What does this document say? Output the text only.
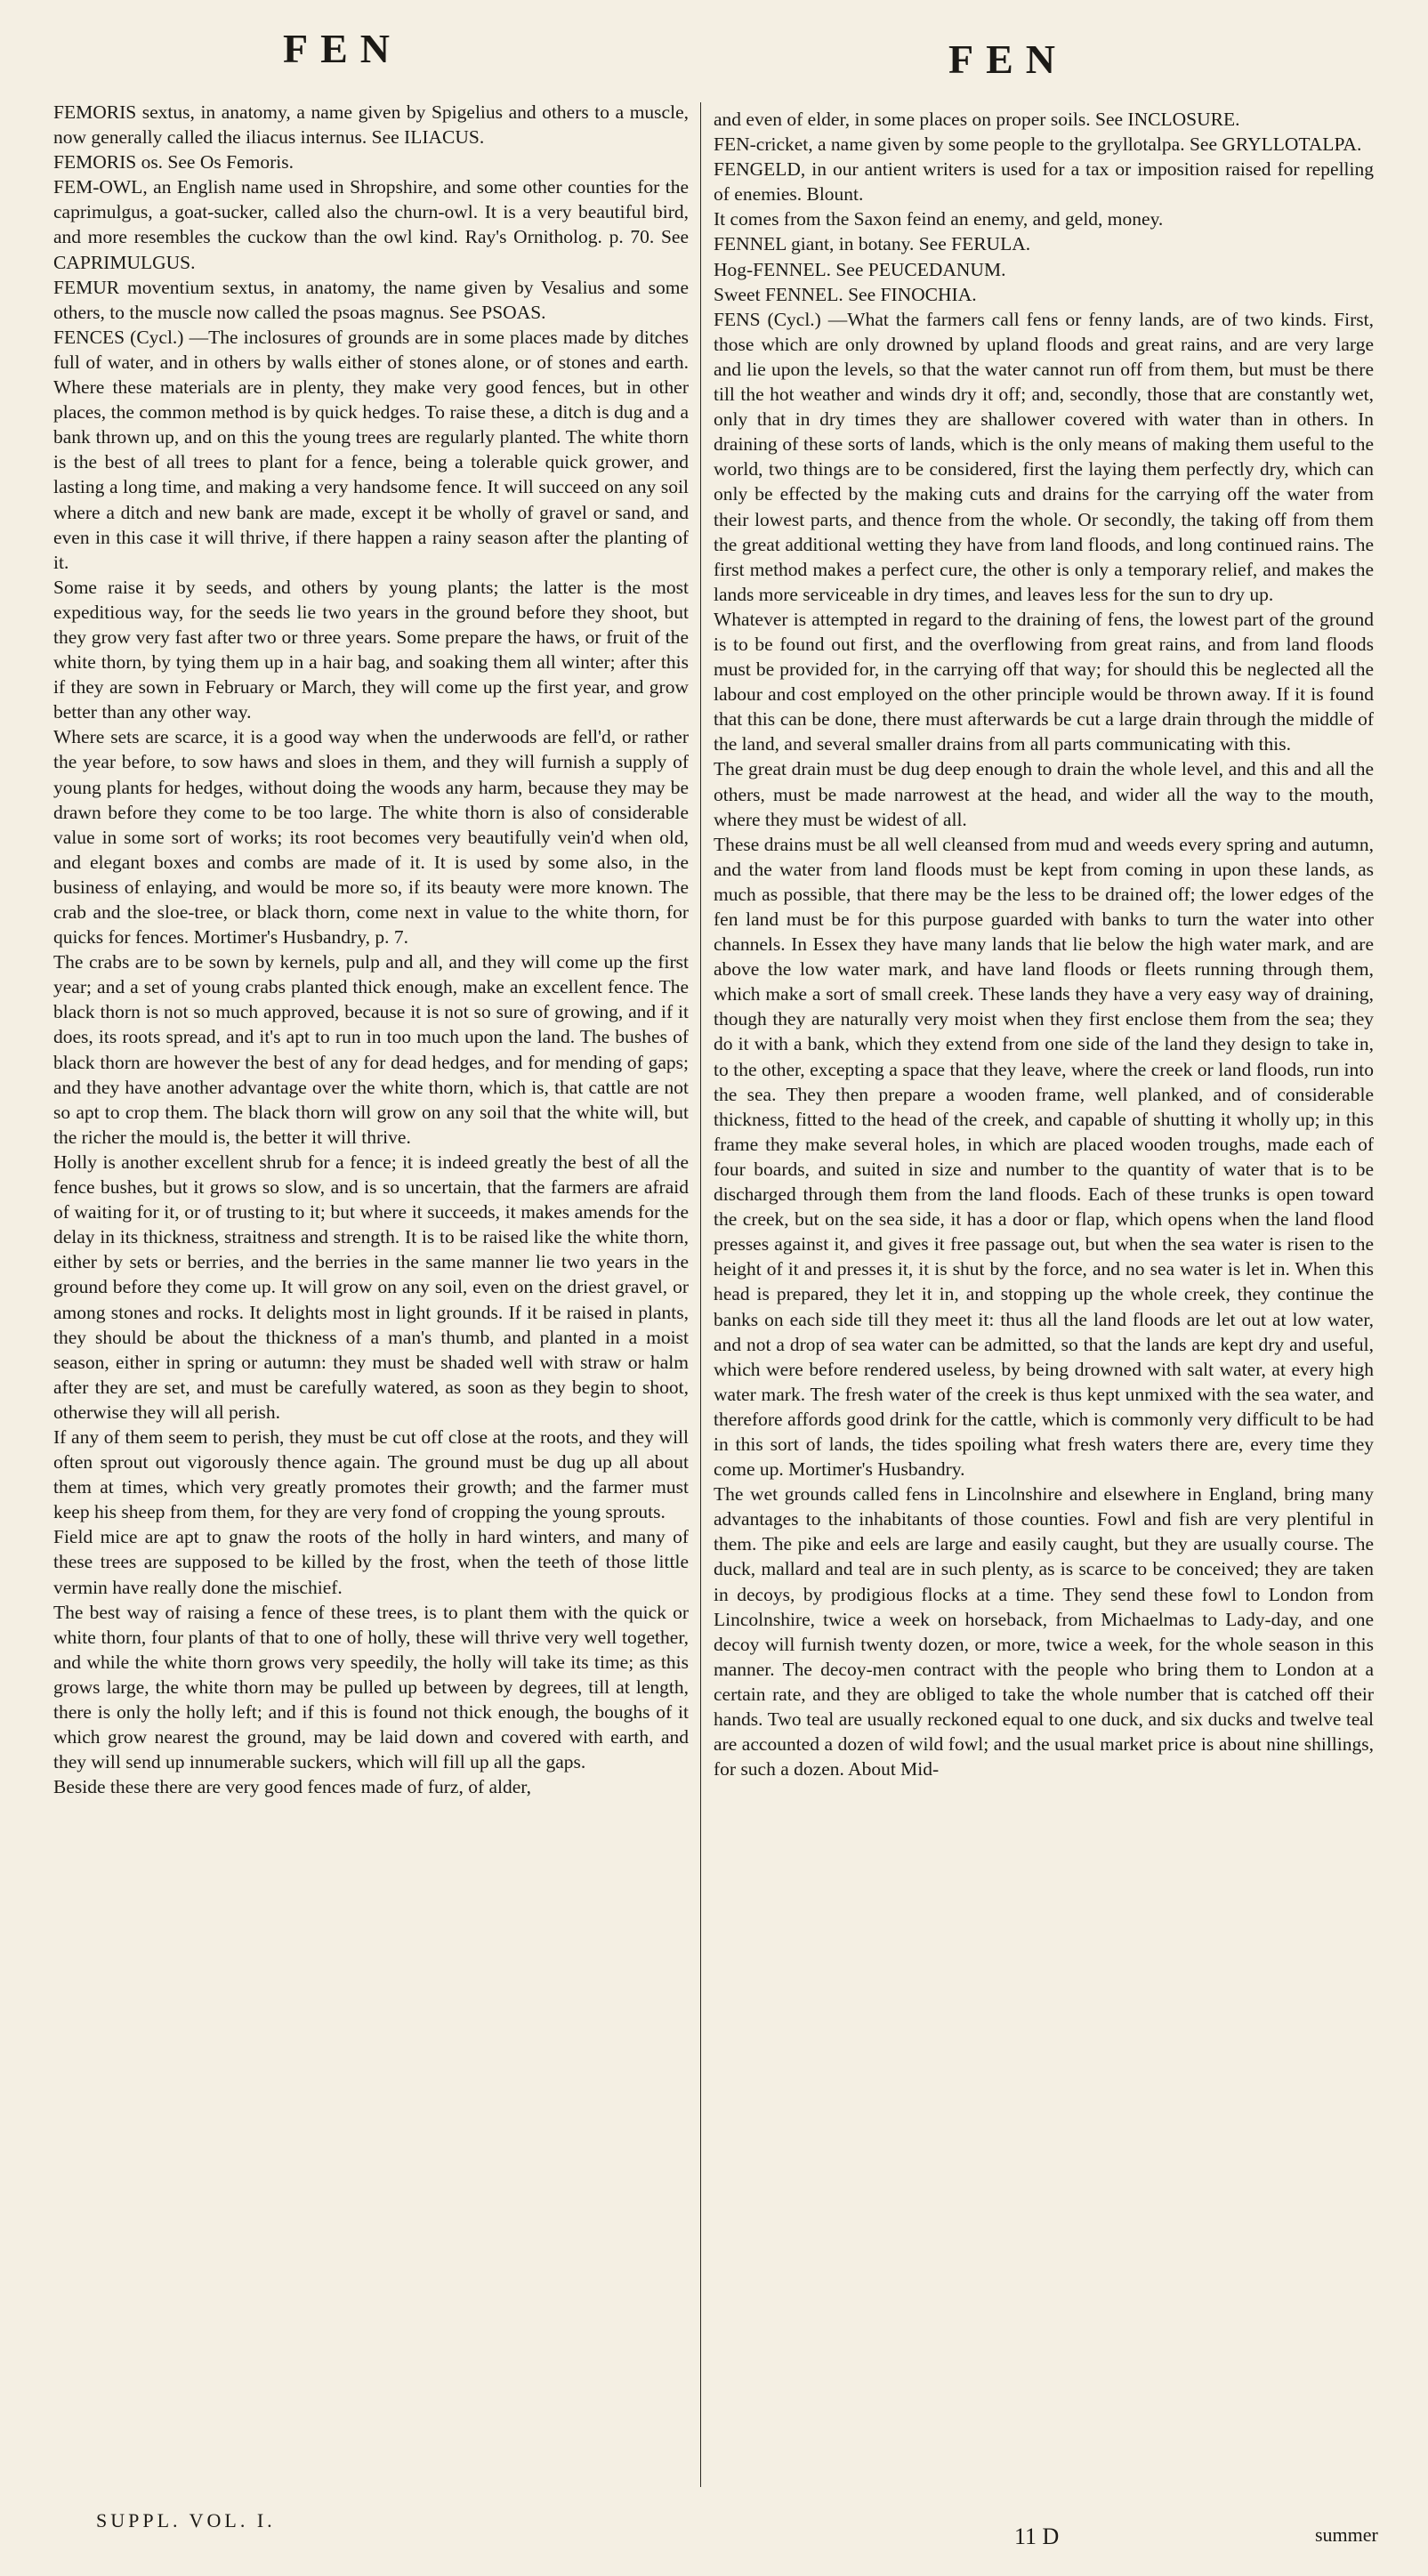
FEN	FEN

FEMORIS sextus, in anatomy, a name given by Spigelius and others to a muscle, now generally called the iliacus internus. See ILIACUS.

FEMORIS os. See Os Femoris.

FEM-OWL, an English name used in Shropshire, and some other counties for the caprimulgus, a goat-sucker, called also the churn-owl. It is a very beautiful bird, and more resembles the cuckow than the owl kind. Ray's Ornitholog. p. 70. See CAPRIMULGUS.

FEMUR moventium sextus, in anatomy, the name given by Vesalius and some others, to the muscle now called the psoas magnus. See PSOAS.

FENCES (Cycl.) —The inclosures of grounds are in some places made by ditches full of water, and in others by walls either of stones alone, or of stones and earth. Where these materials are in plenty, they make very good fences, but in other places, the common method is by quick hedges. To raise these, a ditch is dug and a bank thrown up, and on this the young trees are regularly planted. The white thorn is the best of all trees to plant for a fence, being a tolerable quick grower, and lasting a long time, and making a very handsome fence. It will succeed on any soil where a ditch and new bank are made, except it be wholly of gravel or sand, and even in this case it will thrive, if there happen a rainy season after the planting of it.

Some raise it by seeds, and others by young plants; the latter is the most expeditious way, for the seeds lie two years in the ground before they shoot, but they grow very fast after two or three years. Some prepare the haws, or fruit of the white thorn, by tying them up in a hair bag, and soaking them all winter; after this if they are sown in February or March, they will come up the first year, and grow better than any other way.

Where sets are scarce, it is a good way when the underwoods are fell'd, or rather the year before, to sow haws and sloes in them, and they will furnish a supply of young plants for hedges, without doing the woods any harm, because they may be drawn before they come to be too large. The white thorn is also of considerable value in some sort of works; its root becomes very beautifully vein'd when old, and elegant boxes and combs are made of it. It is used by some also, in the business of enlaying, and would be more so, if its beauty were more known. The crab and the sloe-tree, or black thorn, come next in value to the white thorn, for quicks for fences. Mortimer's Husbandry, p. 7.

The crabs are to be sown by kernels, pulp and all, and they will come up the first year; and a set of young crabs planted thick enough, make an excellent fence. The black thorn is not so much approved, because it is not so sure of growing, and if it does, its roots spread, and it's apt to run in too much upon the land. The bushes of black thorn are however the best of any for dead hedges, and for mending of gaps; and they have another advantage over the white thorn, which is, that cattle are not so apt to crop them. The black thorn will grow on any soil that the white will, but the richer the mould is, the better it will thrive.

Holly is another excellent shrub for a fence; it is indeed greatly the best of all the fence bushes, but it grows so slow, and is so uncertain, that the farmers are afraid of waiting for it, or of trusting to it; but where it succeeds, it makes amends for the delay in its thickness, straitness and strength. It is to be raised like the white thorn, either by sets or berries, and the berries in the same manner lie two years in the ground before they come up. It will grow on any soil, even on the driest gravel, or among stones and rocks. It delights most in light grounds. If it be raised in plants, they should be about the thickness of a man's thumb, and planted in a moist season, either in spring or autumn: they must be shaded well with straw or halm after they are set, and must be carefully watered, as soon as they begin to shoot, otherwise they will all perish.

If any of them seem to perish, they must be cut off close at the roots, and they will often sprout out vigorously thence again. The ground must be dug up all about them at times, which very greatly promotes their growth; and the farmer must keep his sheep from them, for they are very fond of cropping the young sprouts.

Field mice are apt to gnaw the roots of the holly in hard winters, and many of these trees are supposed to be killed by the frost, when the teeth of those little vermin have really done the mischief.

The best way of raising a fence of these trees, is to plant them with the quick or white thorn, four plants of that to one of holly, these will thrive very well together, and while the white thorn grows very speedily, the holly will take its time; as this grows large, the white thorn may be pulled up between by degrees, till at length, there is only the holly left; and if this is found not thick enough, the boughs of it which grow nearest the ground, may be laid down and covered with earth, and they will send up innumerable suckers, which will fill up all the gaps.

Beside these there are very good fences made of furz, of alder,

and even of elder, in some places on proper soils. See INCLOSURE.

FEN-cricket, a name given by some people to the gryllotalpa. See GRYLLOTALPA.

FENGELD, in our antient writers is used for a tax or imposition raised for repelling of enemies. Blount.

It comes from the Saxon feind an enemy, and geld, money.

FENNEL giant, in botany. See FERULA.

Hog-FENNEL. See PEUCEDANUM.

Sweet FENNEL. See FINOCHIA.

FENS (Cycl.) —What the farmers call fens or fenny lands, are of two kinds. First, those which are only drowned by upland floods and great rains, and are very large and lie upon the levels, so that the water cannot run off from them, but must be there till the hot weather and winds dry it off; and, secondly, those that are constantly wet, only that in dry times they are shallower covered with water than in others. In draining of these sorts of lands, which is the only means of making them useful to the world, two things are to be considered, first the laying them perfectly dry, which can only be effected by the making cuts and drains for the carrying off the water from their lowest parts, and thence from the whole. Or secondly, the taking off from them the great additional wetting they have from land floods, and long continued rains. The first method makes a perfect cure, the other is only a temporary relief, and makes the lands more serviceable in dry times, and leaves less for the sun to dry up.

Whatever is attempted in regard to the draining of fens, the lowest part of the ground is to be found out first, and the overflowing from great rains, and from land floods must be provided for, in the carrying off that way; for should this be neglected all the labour and cost employed on the other principle would be thrown away. If it is found that this can be done, there must afterwards be cut a large drain through the middle of the land, and several smaller drains from all parts communicating with this.

The great drain must be dug deep enough to drain the whole level, and this and all the others, must be made narrowest at the head, and wider all the way to the mouth, where they must be widest of all.

These drains must be all well cleansed from mud and weeds every spring and autumn, and the water from land floods must be kept from coming in upon these lands, as much as possible, that there may be the less to be drained off; the lower edges of the fen land must be for this purpose guarded with banks to turn the water into other channels. In Essex they have many lands that lie below the high water mark, and are above the low water mark, and have land floods or fleets running through them, which make a sort of small creek. These lands they have a very easy way of draining, though they are naturally very moist when they first enclose them from the sea; they do it with a bank, which they extend from one side of the land they design to take in, to the other, excepting a space that they leave, where the creek or land floods, run into the sea. They then prepare a wooden frame, well planked, and of considerable thickness, fitted to the head of the creek, and capable of shutting it wholly up; in this frame they make several holes, in which are placed wooden troughs, made each of four boards, and suited in size and number to the quantity of water that is to be discharged through them from the land floods. Each of these trunks is open toward the creek, but on the sea side, it has a door or flap, which opens when the land flood presses against it, and gives it free passage out, but when the sea water is risen to the height of it and presses it, it is shut by the force, and no sea water is let in. When this head is prepared, they let it in, and stopping up the whole creek, they continue the banks on each side till they meet it: thus all the land floods are let out at low water, and not a drop of sea water can be admitted, so that the lands are kept dry and useful, which were before rendered useless, by being drowned with salt water, at every high water mark. The fresh water of the creek is thus kept unmixed with the sea water, and therefore affords good drink for the cattle, which is commonly very difficult to be had in this sort of lands, the tides spoiling what fresh waters there are, every time they come up. Mortimer's Husbandry.

The wet grounds called fens in Lincolnshire and elsewhere in England, bring many advantages to the inhabitants of those counties. Fowl and fish are very plentiful in them. The pike and eels are large and easily caught, but they are usually course. The duck, mallard and teal are in such plenty, as is scarce to be conceived; they are taken in decoys, by prodigious flocks at a time. They send these fowl to London from Lincolnshire, twice a week on horseback, from Michaelmas to Lady-day, and one decoy will furnish twenty dozen, or more, twice a week, for the whole season in this manner. The decoy-men contract with the people who bring them to London at a certain rate, and they are obliged to take the whole number that is catched off their hands. Two teal are usually reckoned equal to one duck, and six ducks and twelve teal are accounted a dozen of wild fowl; and the usual market price is about nine shillings, for such a dozen. About Mid-

SUPPL. VOL. I.
11 D	summer
